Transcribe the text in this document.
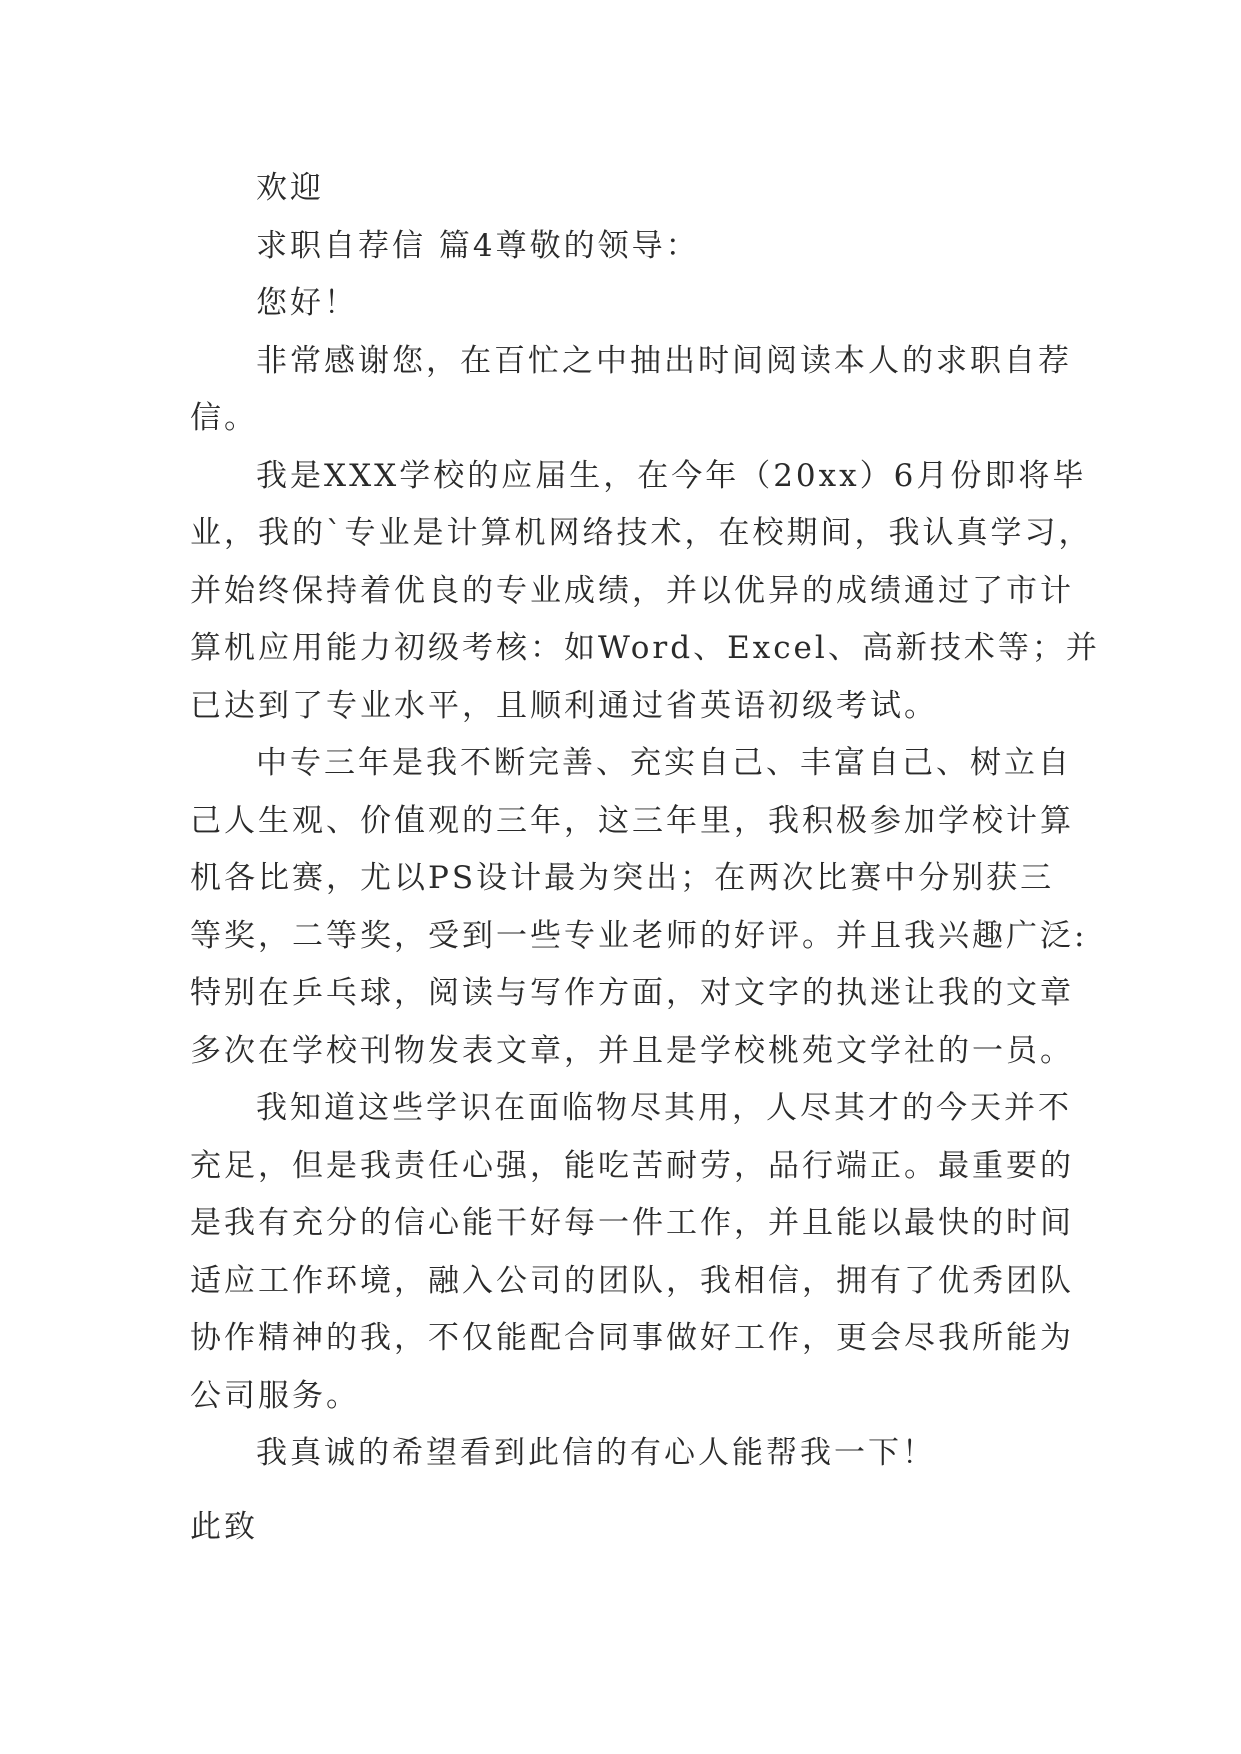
欢迎
求职自荐信 篇4尊敬的领导：
您好！
非常感谢您，在百忙之中抽出时间阅读本人的求职自荐
信。
我是XXX学校的应届生，在今年（20xx）6月份即将毕
业，我的`专业是计算机网络技术，在校期间，我认真学习，
并始终保持着优良的专业成绩，并以优异的成绩通过了市计
算机应用能力初级考核：如Word、Excel、高新技术等；并
已达到了专业水平，且顺利通过省英语初级考试。
中专三年是我不断完善、充实自己、丰富自己、树立自
己人生观、价值观的三年，这三年里，我积极参加学校计算
机各比赛，尤以PS设计最为突出；在两次比赛中分别获三
等奖，二等奖，受到一些专业老师的好评。并且我兴趣广泛:
特别在乒乓球，阅读与写作方面，对文字的执迷让我的文章
多次在学校刊物发表文章，并且是学校桃苑文学社的一员。
我知道这些学识在面临物尽其用，人尽其才的今天并不
充足，但是我责任心强，能吃苦耐劳，品行端正。最重要的
是我有充分的信心能干好每一件工作，并且能以最快的时间
适应工作环境，融入公司的团队，我相信，拥有了优秀团队
协作精神的我，不仅能配合同事做好工作，更会尽我所能为
公司服务。
我真诚的希望看到此信的有心人能帮我一下！
此致
